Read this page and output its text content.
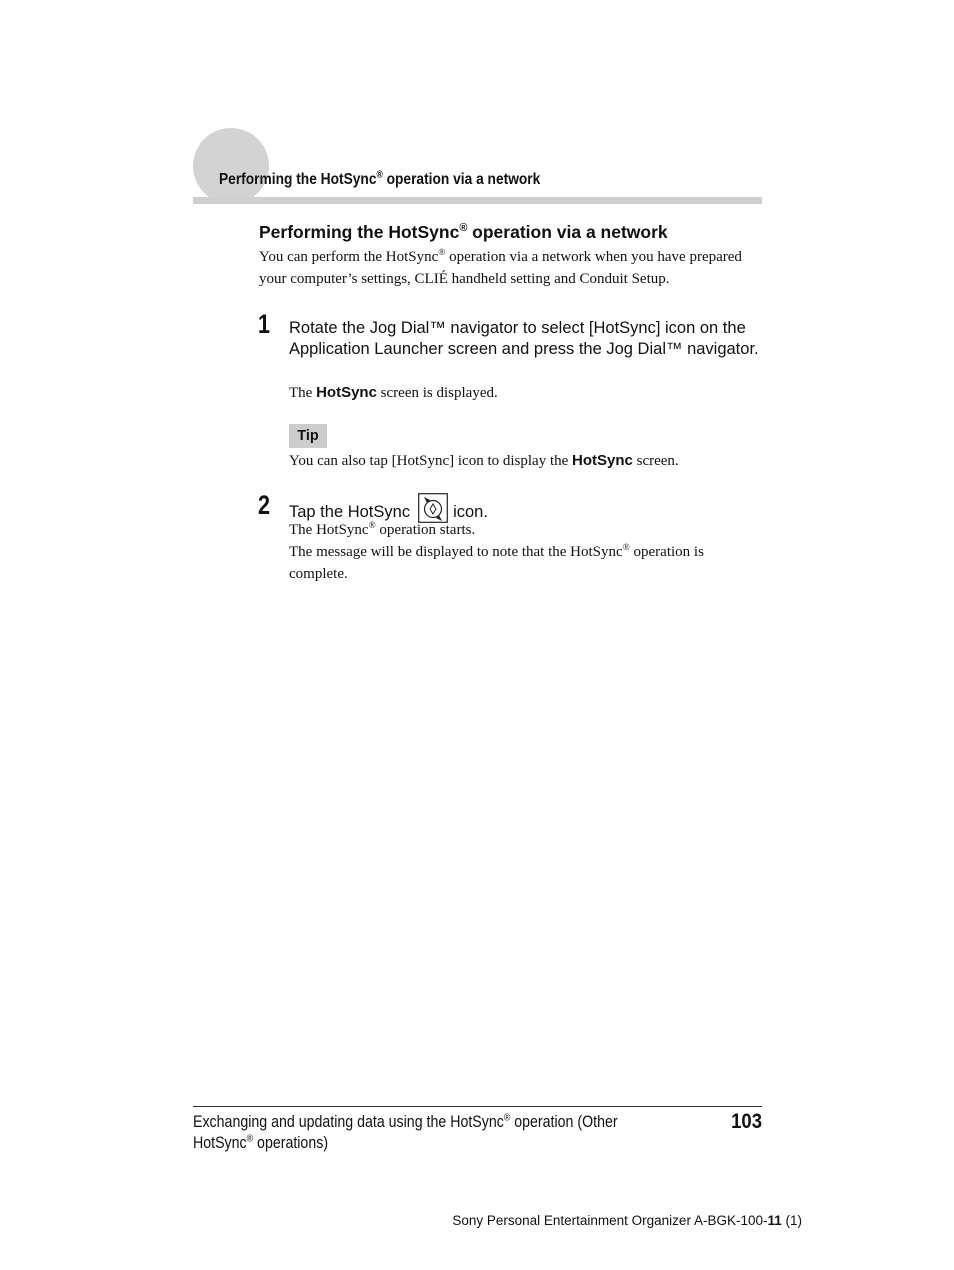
Performing the HotSync® operation via a network
Performing the HotSync® operation via a network
You can perform the HotSync® operation via a network when you have prepared your computer’s settings, CLIÉ handheld setting and Conduit Setup.
1 Rotate the Jog Dial™ navigator to select [HotSync] icon on the Application Launcher screen and press the Jog Dial™ navigator.
The HotSync screen is displayed.
Tip
You can also tap [HotSync] icon to display the HotSync screen.
2 Tap the HotSync	icon.
The HotSync® operation starts.
The message will be displayed to note that the HotSync® operation is complete.
Exchanging and updating data using the HotSync® operation (Other HotSync® operations)
103
Sony Personal Entertainment Organizer A-BGK-100-11 (1)
